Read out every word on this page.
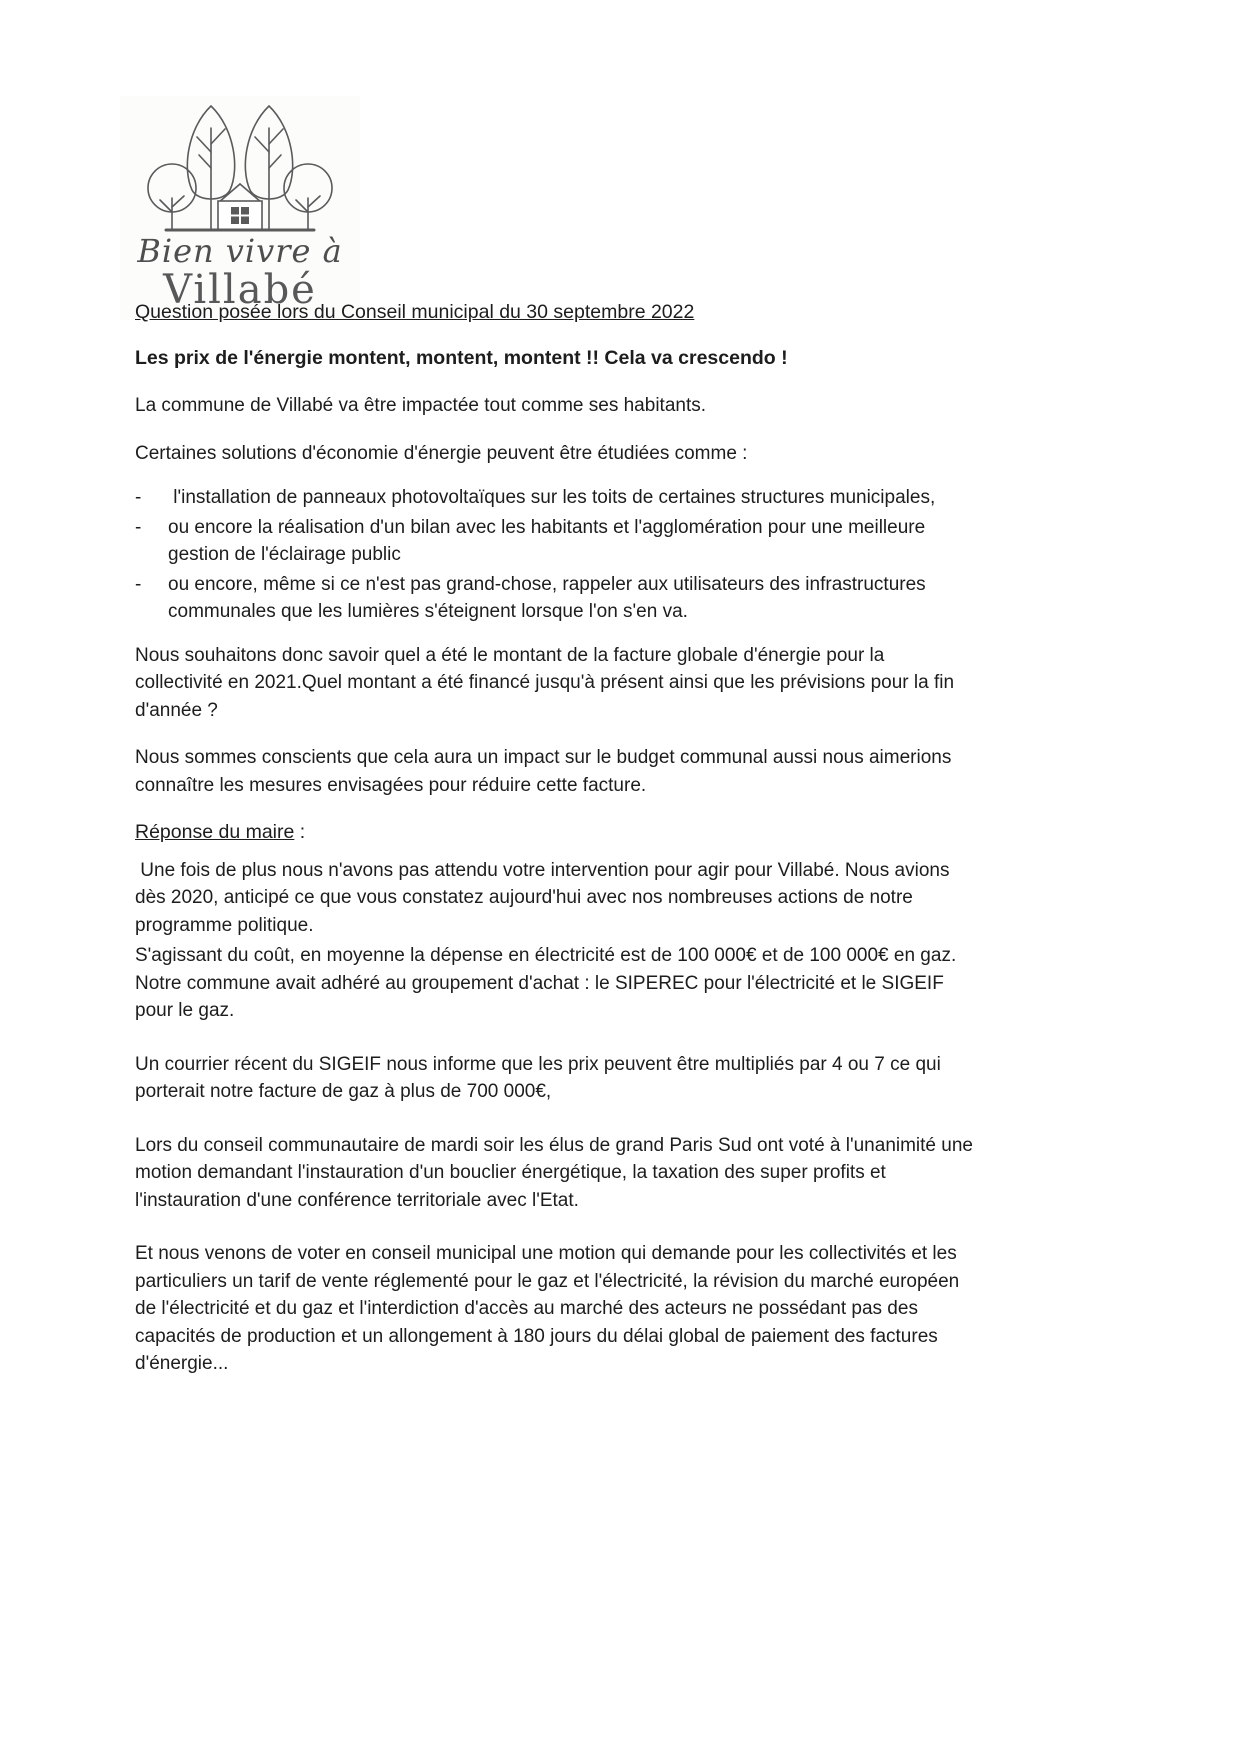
Bien vivre à
Villabé
Question posée lors du Conseil municipal du 30 septembre 2022
Les prix de l'énergie montent, montent, montent !! Cela va crescendo !

La commune de Villabé va être impactée tout comme ses habitants.

Certaines solutions d'économie d'énergie peuvent être étudiées comme :

-	l'installation de panneaux photovoltaïques sur les toits de certaines structures municipales,
-	ou encore la réalisation d'un bilan avec les habitants et l'agglomération pour une meilleure gestion de l'éclairage public
-	ou encore, même si ce n'est pas grand-chose, rappeler aux utilisateurs des infrastructures communales que les lumières s'éteignent lorsque l'on s'en va.

Nous souhaitons donc savoir quel a été le montant de la facture globale d'énergie pour la collectivité en 2021.Quel montant a été financé jusqu'à présent ainsi que les prévisions pour la fin d'année ?

Nous sommes conscients que cela aura un impact sur le budget communal aussi nous aimerions connaître les mesures envisagées pour réduire cette facture.

Réponse du maire :

Une fois de plus nous n'avons pas attendu votre intervention pour agir pour Villabé. Nous avions dès 2020, anticipé ce que vous constatez aujourd'hui avec nos nombreuses actions de notre programme politique.

S'agissant du coût, en moyenne la dépense en électricité est de 100 000€ et de 100 000€ en gaz. Notre commune avait adhéré au groupement d'achat : le SIPEREC pour l'électricité et le SIGEIF pour le gaz.

Un courrier récent du SIGEIF nous informe que les prix peuvent être multipliés par 4 ou 7 ce qui porterait notre facture de gaz à plus de 700 000€,

Lors du conseil communautaire de mardi soir les élus de grand Paris Sud ont voté à l'unanimité une motion demandant l'instauration d'un bouclier énergétique, la taxation des super profits et l'instauration d'une conférence territoriale avec l'Etat.

Et nous venons de voter en conseil municipal une motion qui demande pour les collectivités et les particuliers un tarif de vente réglementé pour le gaz et l'électricité, la révision du marché européen de l'électricité et du gaz et l'interdiction d'accès au marché des acteurs ne possédant pas des capacités de production et un allongement à 180 jours du délai global de paiement des factures d'énergie...
